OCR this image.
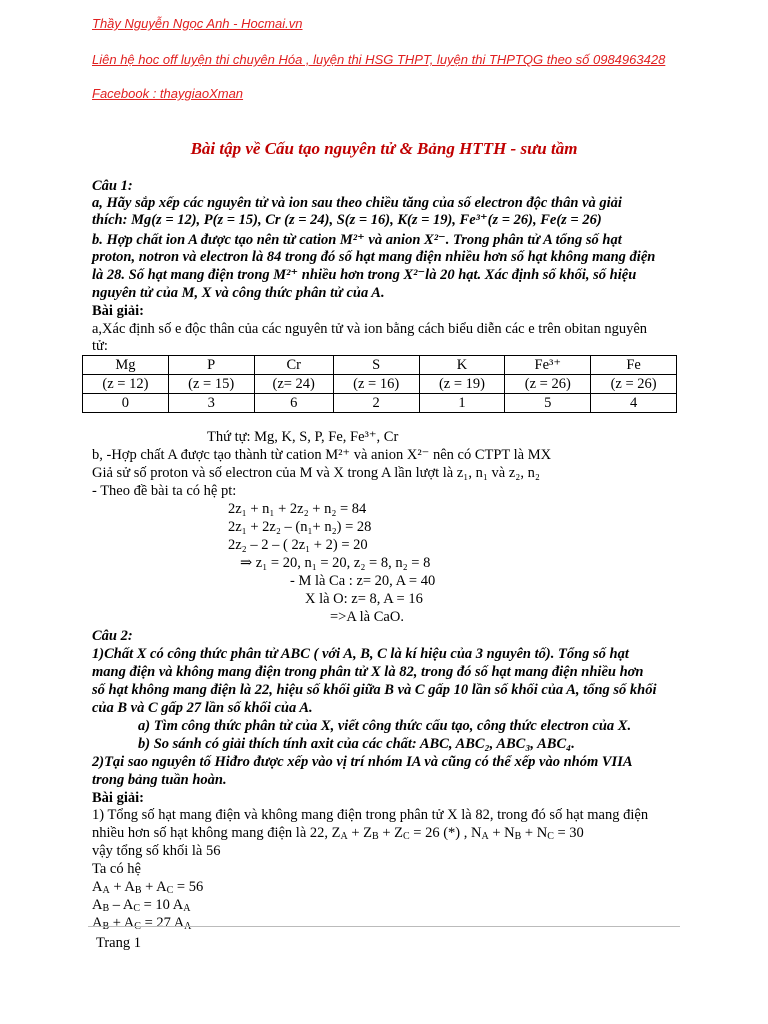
Thầy Nguyễn Ngọc Anh - Hocmai.vn
Liên hệ hoc off luyện thi chuyên Hóa , luyện thi HSG THPT, luyện thi THPTQG theo số 0984963428
Facebook : thaygiaoXman
Bài tập về Cấu tạo nguyên tử & Bảng HTTH - sưu tầm
Câu 1:
a, Hãy sắp xếp các nguyên tử và ion sau theo chiều tăng của số electron độc thân và giải
thích: Mg(z = 12), P(z = 15), Cr (z = 24), S(z = 16), K(z = 19), Fe³⁺(z = 26), Fe(z = 26)
b. Hợp chất ion A được tạo nên từ cation M²⁺ và anion X²⁻. Trong phân tử A tổng số hạt
proton, notron và electron là 84 trong đó số hạt mang điện nhiều hơn số hạt không mang điện
là 28. Số hạt mang điện trong M²⁺ nhiều hơn trong X²⁻là 20 hạt. Xác định số khối, số hiệu
nguyên tử của M, X và công thức phân tử của A.
Bài giải:
a,Xác định số e độc thân của các nguyên tử và ion bằng cách biểu diễn các e trên obitan nguyên
tử:
Mg	P	Cr	S	K	Fe³⁺	Fe
(z = 12)	(z = 15)	(z= 24)	(z = 16)	(z = 19)	(z = 26)	(z = 26)
0	3	6	2	1	5	4
Thứ tự: Mg, K, S, P, Fe, Fe³⁺, Cr
b, -Hợp chất A được tạo thành từ cation M²⁺ và anion X²⁻ nên có CTPT là MX
Giả sử số proton và số electron của M và X trong A lần lượt là z₁, n₁ và z₂, n₂
- Theo đề bài ta có hệ pt:
2z₁ + n₁ + 2z₂ + n₂ = 84
2z₁ + 2z₂ – (n₁+ n₂) = 28
2z₂ – 2 – ( 2z₁ + 2) = 20
⇒ z₁ = 20, n₁ = 20, z₂ = 8, n₂ = 8
- M là Ca : z= 20, A = 40
X là O: z= 8, A = 16
=>A là CaO.
Câu 2:
1)Chất X có công thức phân tử ABC ( với A, B, C là kí hiệu của 3 nguyên tố). Tổng số hạt
mang điện và không mang điện trong phân tử X là 82, trong đó số hạt mang điện nhiều hơn
số hạt không mang điện là 22, hiệu số khối giữa B và C gấp 10 lần số khối của A, tổng số khối
của B và C gấp 27 lần số khối của A.
a) Tìm công thức phân tử của X, viết công thức cấu tạo, công thức electron của X.
b) So sánh có giải thích tính axit của các chất: ABC, ABC₂, ABC₃, ABC₄.
2)Tại sao nguyên tố Hiđro được xếp vào vị trí nhóm IA và cũng có thể xếp vào nhóm VIIA
trong bảng tuần hoàn.
Bài giải:
1) Tổng số hạt mang điện và không mang điện trong phân tử X là 82, trong đó số hạt mang điện
nhiều hơn số hạt không mang điện là 22, $Z_A + Z_B + Z_C = 26$ (*) , $N_A + N_B + N_C = 30$
vậy tổng số khối là 56
Ta có hệ
$A_A + A_B + A_C = 56$
$A_B - A_C = 10$ $A_A$
$A_B + A_C = 27$ $A_A$
Trang 1
